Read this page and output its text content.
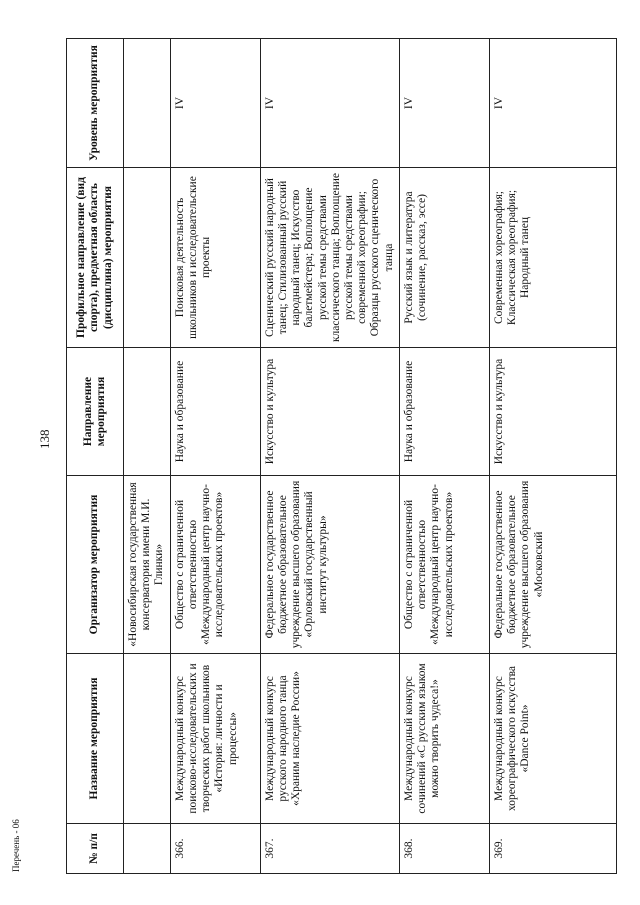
138
Перечень - 06	№ п/п	Название мероприятия	Организатор мероприятия	Направление мероприятия	Профильное направление (вид спорта), предметная область (дисциплина) мероприятия	Уровень мероприятия
		«Новосибирская государственная консерватория имени М.И. Глинки»			
366.	Международный конкурс поисково-исследовательских и творческих работ школьников «История: личности и процессы»	Общество с ограниченной ответственностью «Международный центр научно-исследовательских проектов»	Наука и образование	Поисковая деятельность школьников и исследовательские проекты	IV
367.	Международный конкурс русского народного танца «Храним наследие России»	Федеральное государственное бюджетное образовательное учреждение высшего образования «Орловский государственный институт культуры»	Искусство и культура	Сценический русский народный танец; Стилизованный русский народный танец; Искусство балетмейстера; Воплощение русской темы средствами классического танца; Воплощение русской темы средствами современной хореографии; Образцы русского сценического танца	IV
368.	Международный конкурс сочинений «С русским языком можно творить чудеса!»	Общество с ограниченной ответственностью «Международный центр научно-исследовательских проектов»	Наука и образование	Русский язык и литература (сочинение, рассказ, эссе)	IV
369.	Международный конкурс хореографического искусства «Dance Point»	Федеральное государственное бюджетное образовательное учреждение высшего образования «Московский	Искусство и культура	Современная хореография; Классическая хореография; Народный танец	IV
